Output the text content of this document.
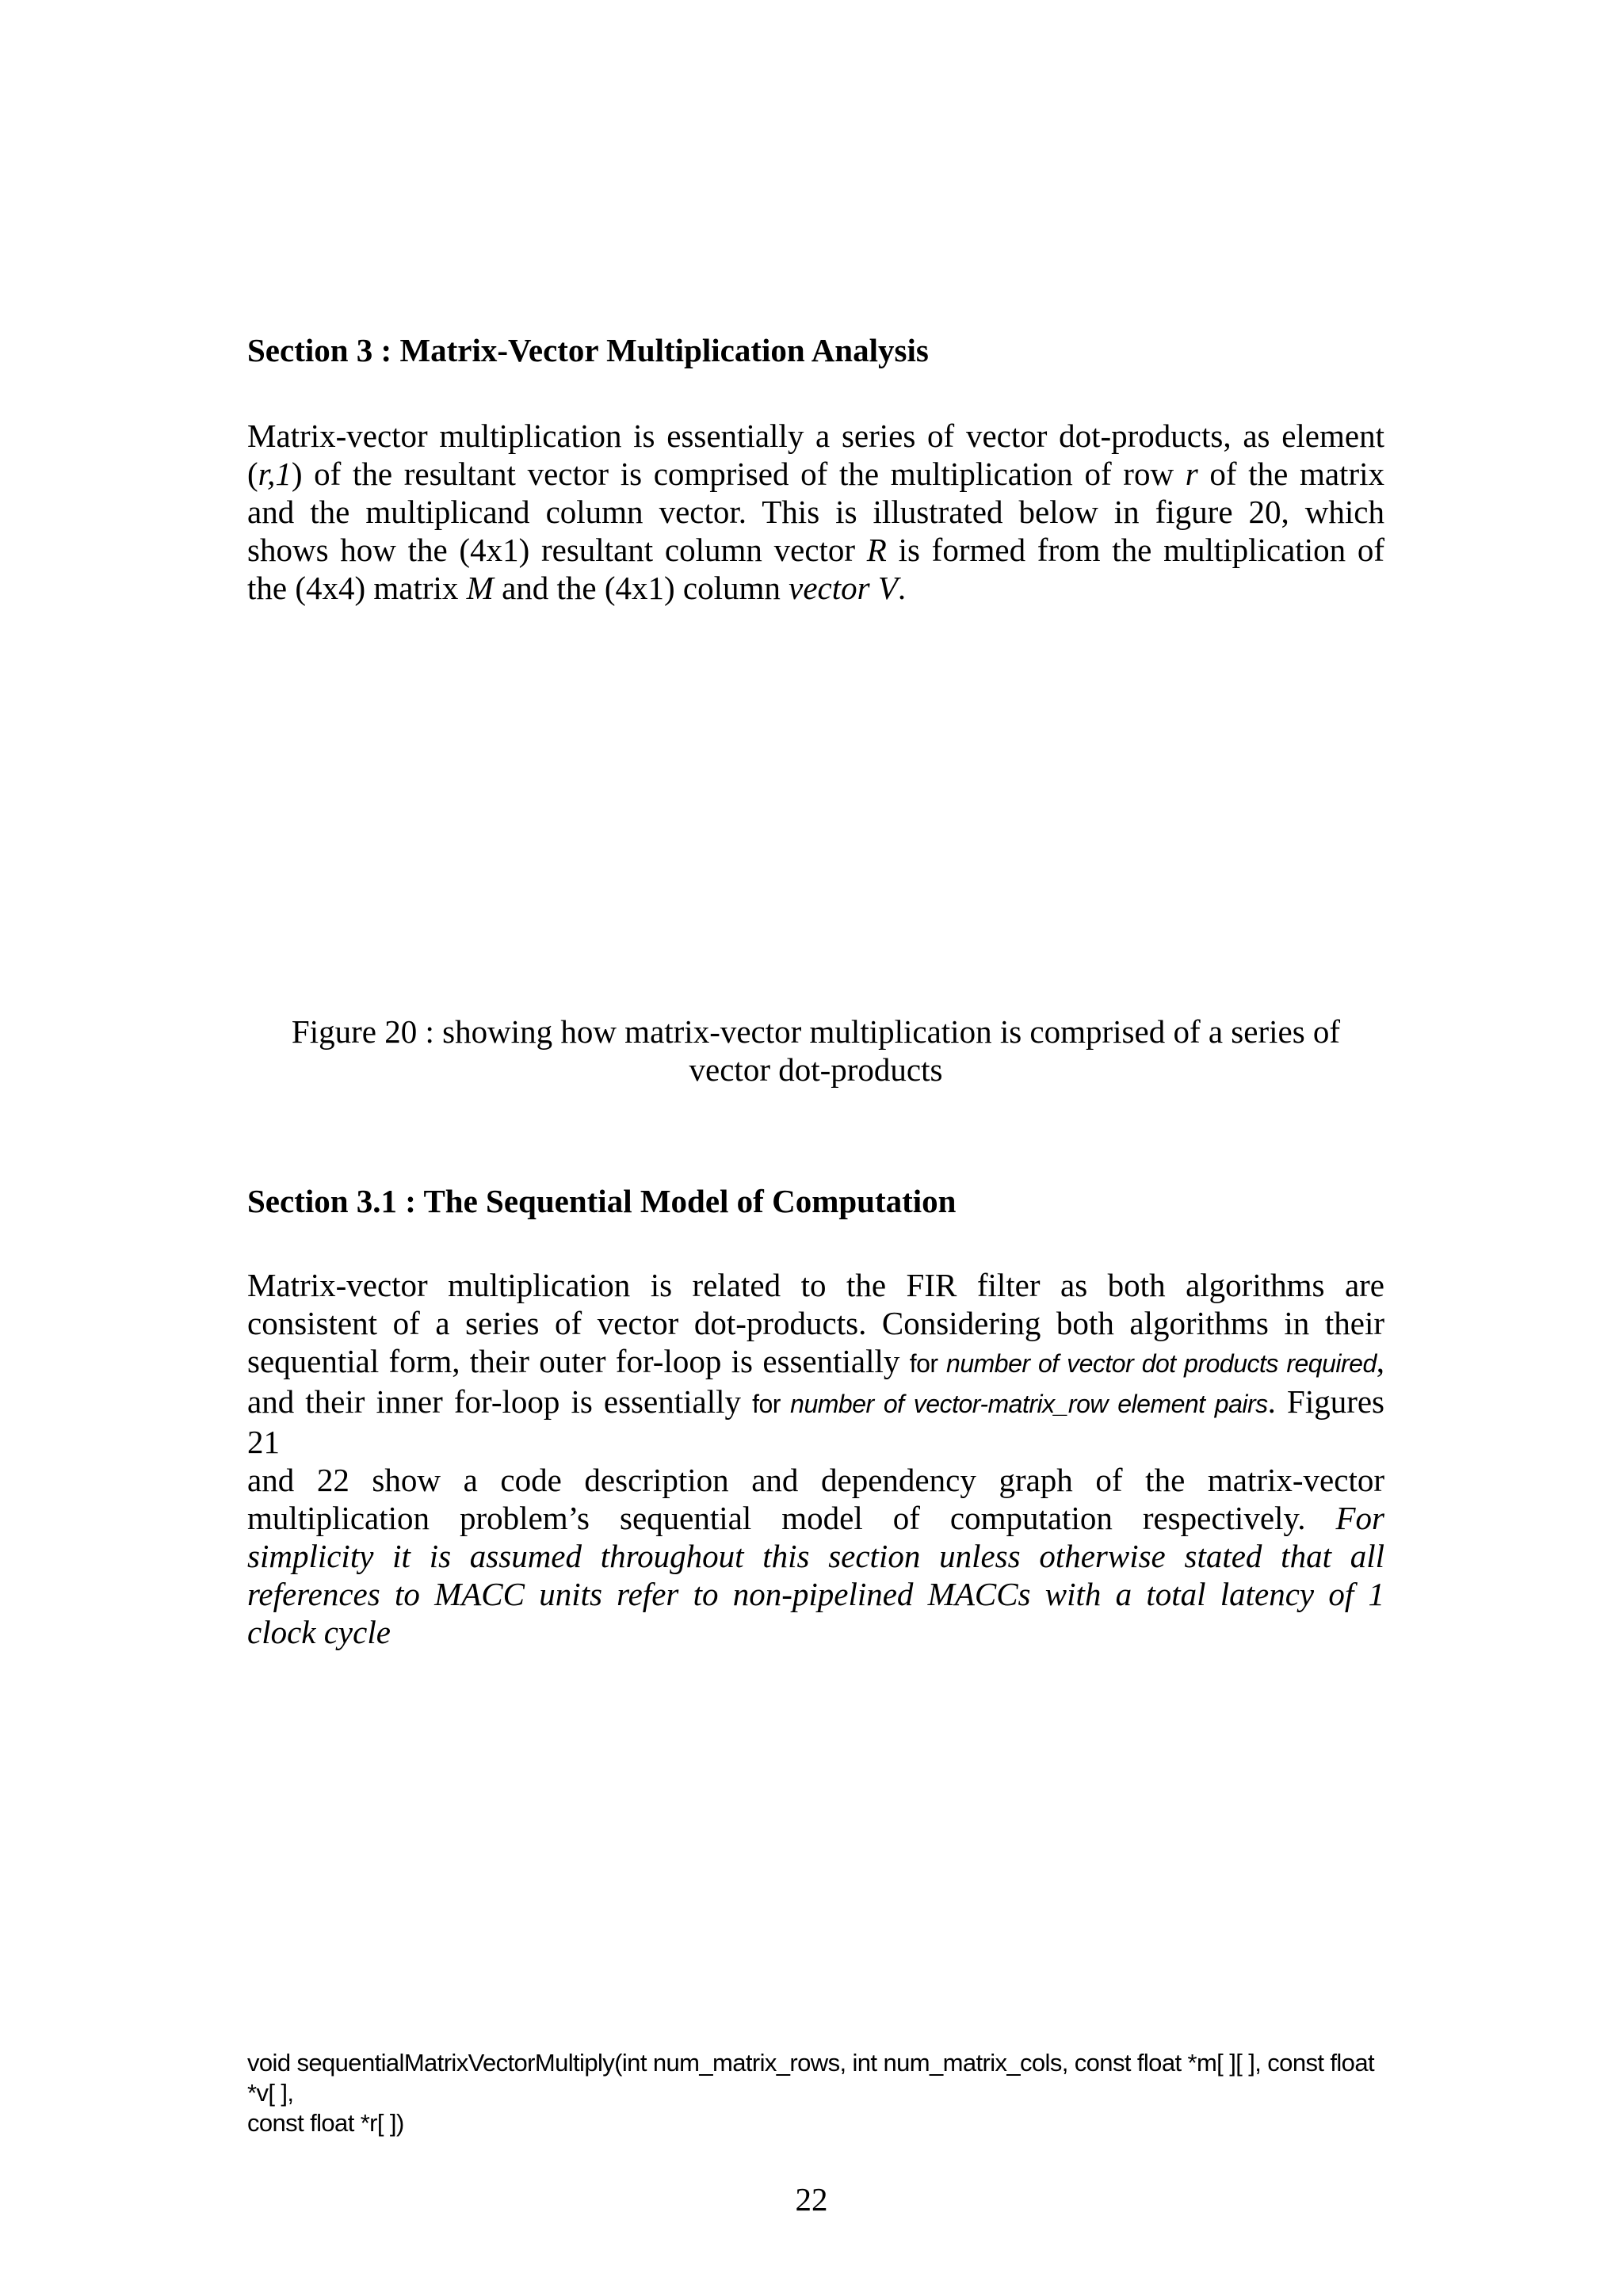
Section 3 : Matrix-Vector Multiplication Analysis
Matrix-vector multiplication is essentially a series of vector dot-products, as element
(r,1) of the resultant vector is comprised of the multiplication of row r of the matrix
and the multiplicand column vector. This is illustrated below in figure 20, which
shows how the (4x1) resultant column vector R is formed from the multiplication of
the (4x4) matrix M and the (4x1) column vector V.
Figure 20 : showing how matrix-vector multiplication is comprised of a series of
vector dot-products
Section 3.1 : The Sequential Model of Computation
Matrix-vector multiplication is related to the FIR filter as both algorithms are
consistent of a series of vector dot-products. Considering both algorithms in their
sequential form, their outer for-loop is essentially for number of vector dot products required,
and their inner for-loop is essentially for number of vector-matrix_row element pairs. Figures 21
and 22 show a code description and dependency graph of the matrix-vector
multiplication problem’s sequential model of computation respectively. For
simplicity it is assumed throughout this section unless otherwise stated that all
references to MACC units refer to non-pipelined MACCs with a total latency of 1
clock cycle
void sequentialMatrixVectorMultiply(int num_matrix_rows, int num_matrix_cols, const float *m[ ][ ], const float *v[ ],
const float *r[ ])
22
